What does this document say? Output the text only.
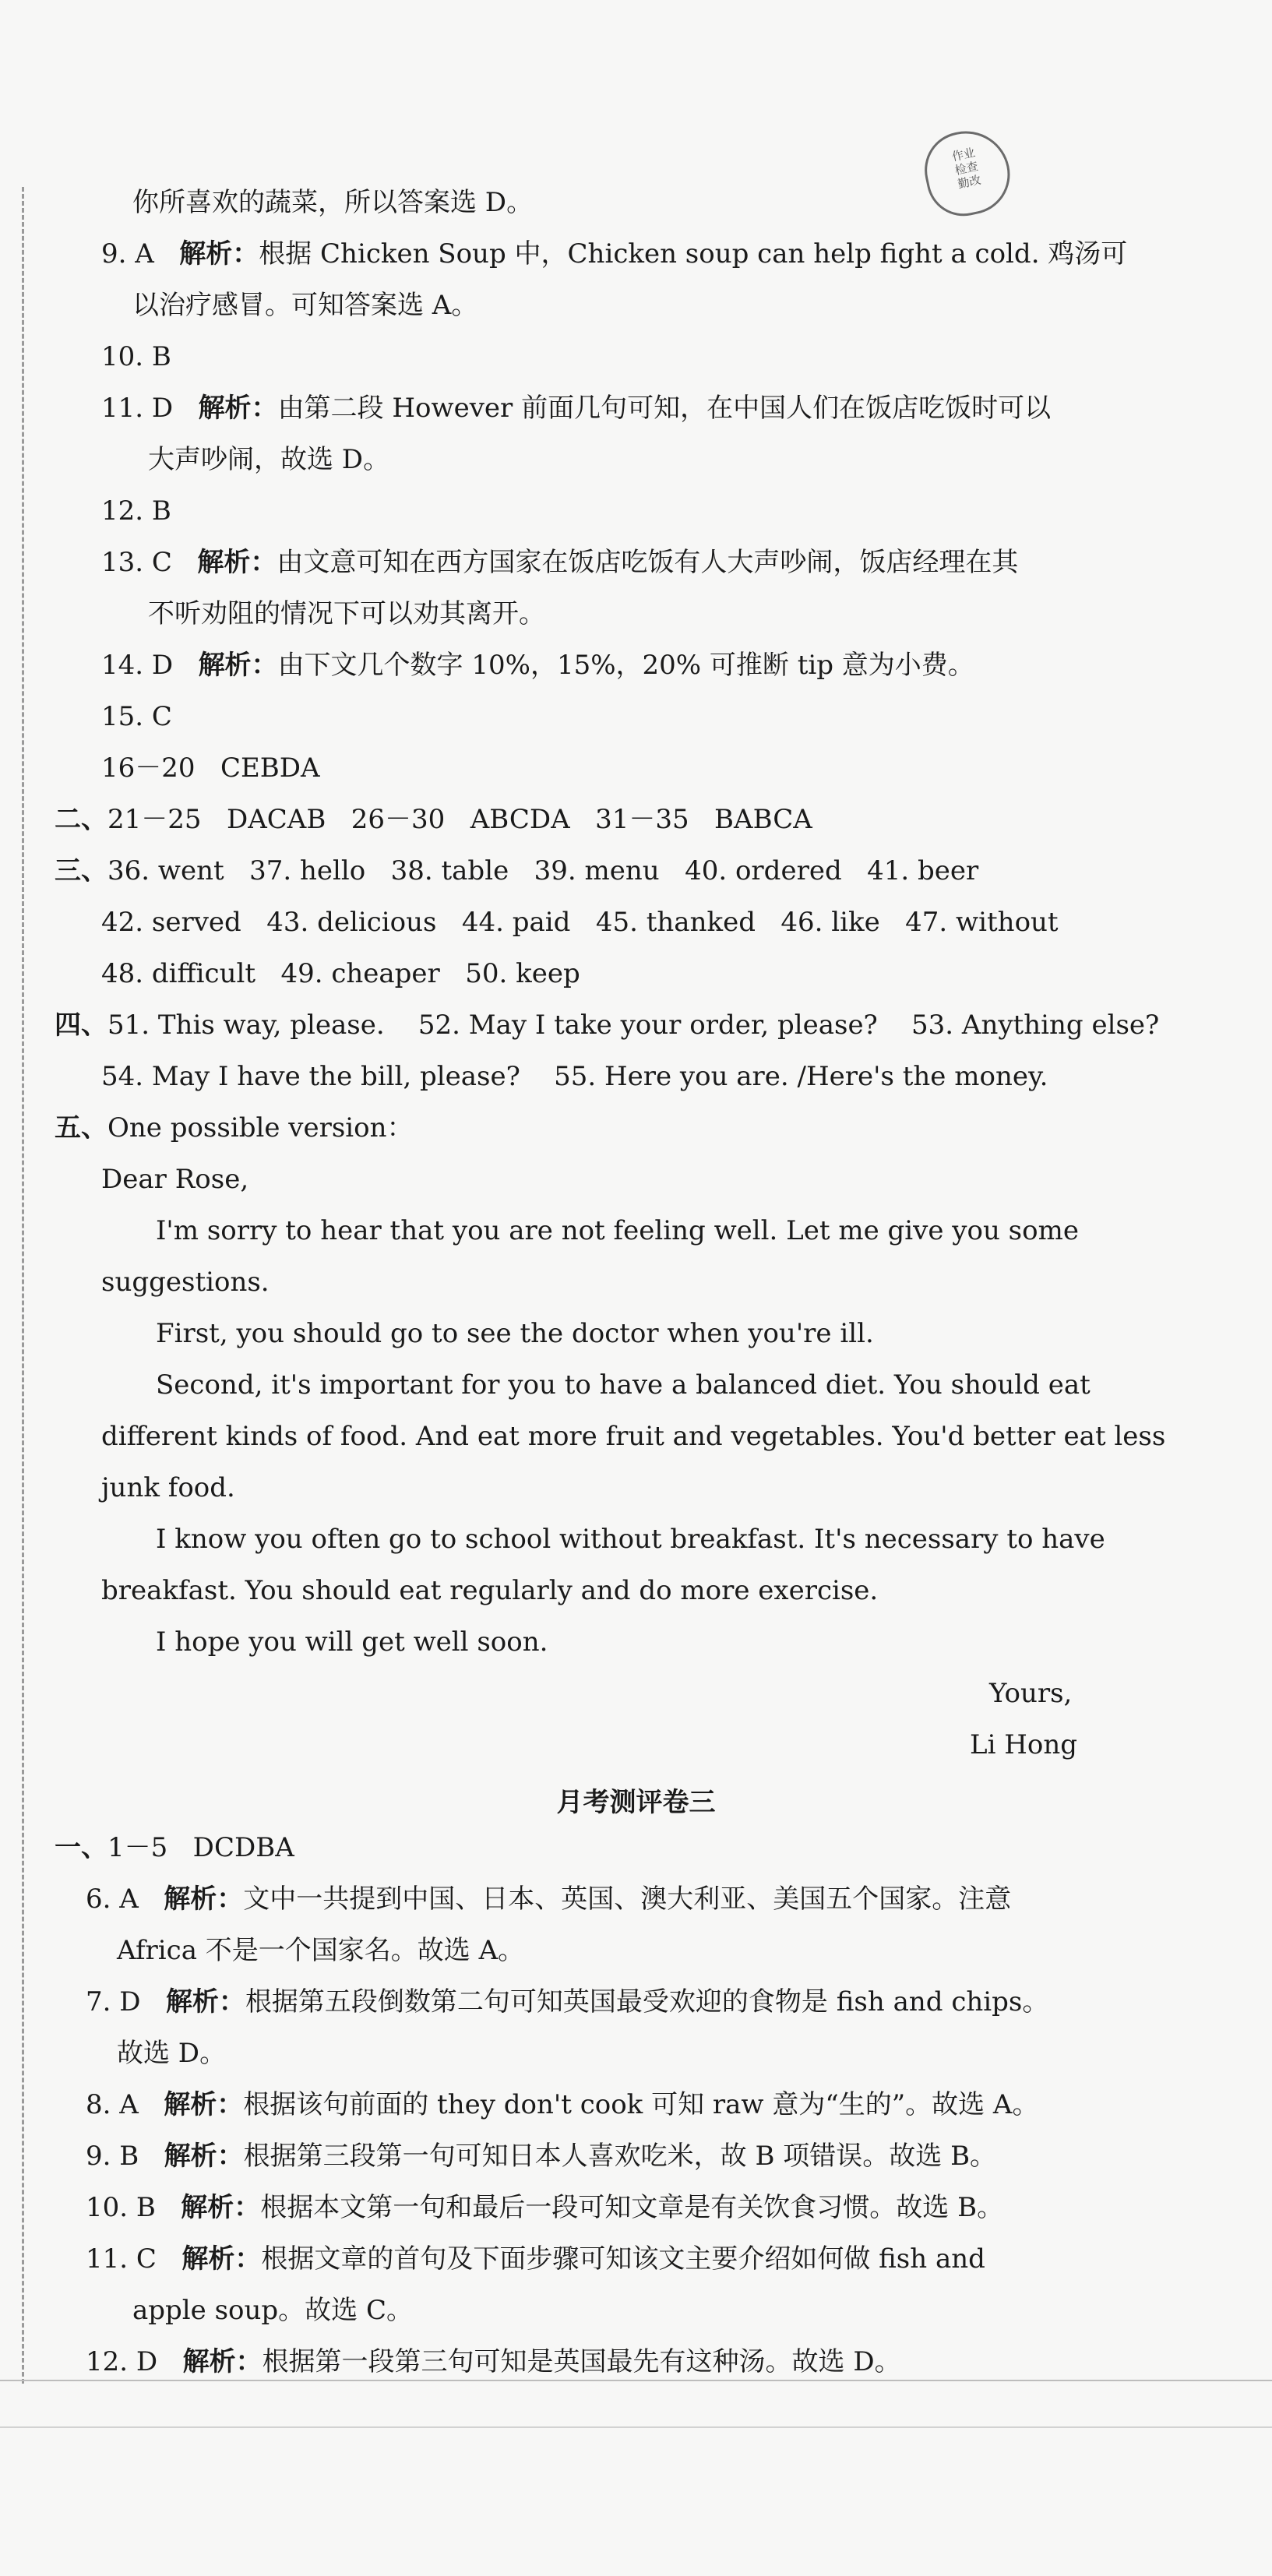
作业
检查
勤改
你所喜欢的蔬菜，所以答案选 D。
9. A   解析：根据 Chicken Soup 中，Chicken soup can help fight a cold. 鸡汤可
以治疗感冒。可知答案选 A。
10. B
11. D   解析：由第二段 However 前面几句可知，在中国人们在饭店吃饭时可以
大声吵闹，故选 D。
12. B
13. C   解析：由文意可知在西方国家在饭店吃饭有人大声吵闹，饭店经理在其
不听劝阻的情况下可以劝其离开。
14. D   解析：由下文几个数字 10%，15%，20% 可推断 tip 意为小费。
15. C
16－20   CEBDA
二、21－25   DACAB   26－30   ABCDA   31－35   BABCA
三、36. went   37. hello   38. table   39. menu   40. ordered   41. beer
42. served   43. delicious   44. paid   45. thanked   46. like   47. without
48. difficult   49. cheaper   50. keep
四、51. This way, please.    52. May I take your order, please?    53. Anything else?
54. May I have the bill, please?    55. Here you are. /Here's the money.
五、One possible version：
Dear Rose,
I'm sorry to hear that you are not feeling well. Let me give you some
suggestions.
First, you should go to see the doctor when you're ill.
Second, it's important for you to have a balanced diet. You should eat
different kinds of food. And eat more fruit and vegetables. You'd better eat less
junk food.
I know you often go to school without breakfast. It's necessary to have
breakfast. You should eat regularly and do more exercise.
I hope you will get well soon.
Yours,
Li Hong
一、1－5   DCDBA
6. A   解析：文中一共提到中国、日本、英国、澳大利亚、美国五个国家。注意
Africa 不是一个国家名。故选 A。
7. D   解析：根据第五段倒数第二句可知英国最受欢迎的食物是 fish and chips。
故选 D。
8. A   解析：根据该句前面的 they don't cook 可知 raw 意为“生的”。故选 A。
9. B   解析：根据第三段第一句可知日本人喜欢吃米，故 B 项错误。故选 B。
10. B   解析：根据本文第一句和最后一段可知文章是有关饮食习惯。故选 B。
11. C   解析：根据文章的首句及下面步骤可知该文主要介绍如何做 fish and
apple soup。故选 C。
12. D   解析：根据第一段第三句可知是英国最先有这种汤。故选 D。
月考测评卷三
